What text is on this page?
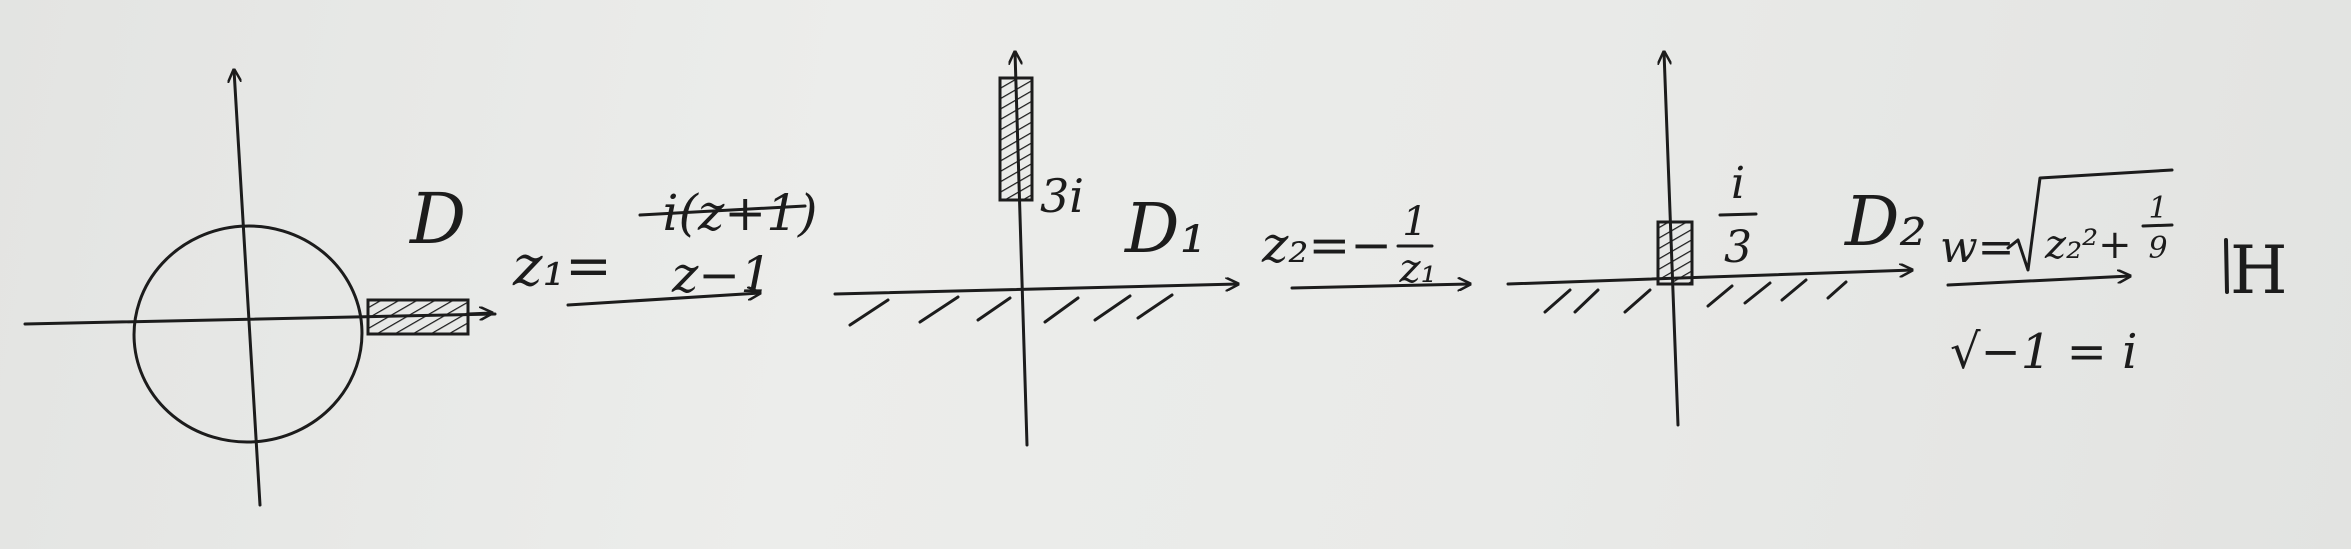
D
z₁=
i(z+1)
z−1
3i D₁ z₂=− 1
z₁
i
3 D₂ w= z₂²+
1
9
√−1 = i
H
